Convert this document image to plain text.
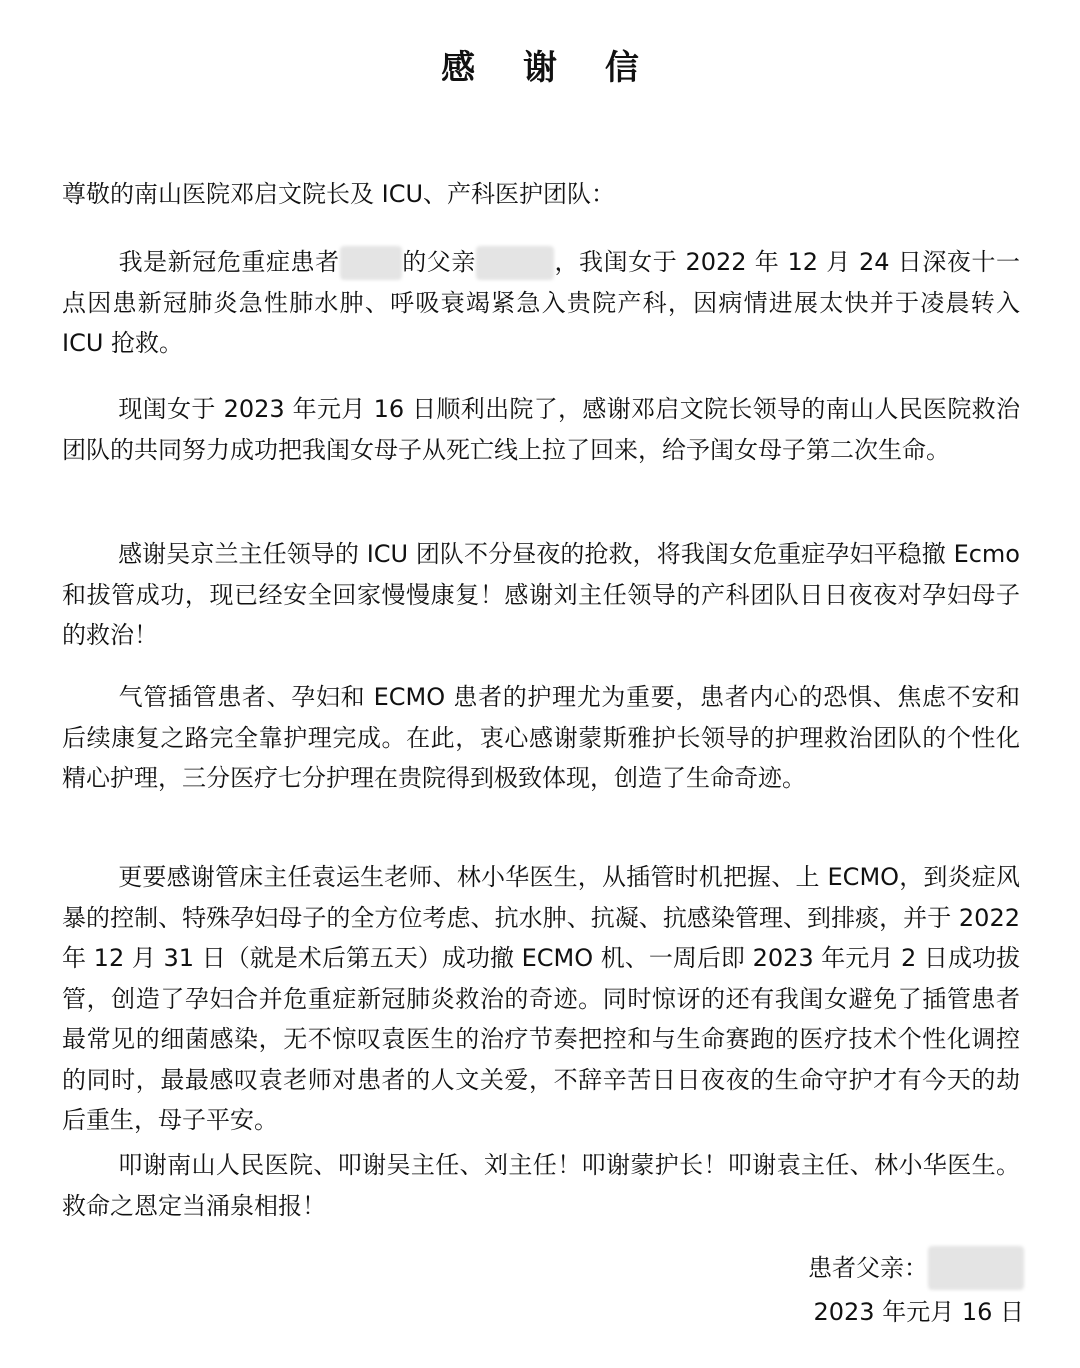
感 谢 信
尊敬的南山医院邓启文院长及 ICU、产科医护团队：
我是新冠危重症患者	的父亲	，我闺女于 2022 年 12 月 24 日深夜十一点因患新冠肺炎急性肺水肿、呼吸衰竭紧急入贵院产科，因病情进展太快并于凌晨转入 ICU 抢救。
现闺女于 2023 年元月 16 日顺利出院了，感谢邓启文院长领导的南山人民医院救治团队的共同努力成功把我闺女母子从死亡线上拉了回来，给予闺女母子第二次生命。
感谢吴京兰主任领导的 ICU 团队不分昼夜的抢救，将我闺女危重症孕妇平稳撤 Ecmo 和拔管成功，现已经安全回家慢慢康复！感谢刘主任领导的产科团队日日夜夜对孕妇母子的救治！
气管插管患者、孕妇和 ECMO 患者的护理尤为重要，患者内心的恐惧、焦虑不安和后续康复之路完全靠护理完成。在此，衷心感谢蒙斯雅护长领导的护理救治团队的个性化精心护理，三分医疗七分护理在贵院得到极致体现，创造了生命奇迹。
更要感谢管床主任袁运生老师、林小华医生，从插管时机把握、上 ECMO，到炎症风暴的控制、特殊孕妇母子的全方位考虑、抗水肿、抗凝、抗感染管理、到排痰，并于 2022 年 12 月 31 日（就是术后第五天）成功撤 ECMO 机、一周后即 2023 年元月 2 日成功拔管，创造了孕妇合并危重症新冠肺炎救治的奇迹。同时惊讶的还有我闺女避免了插管患者最常见的细菌感染，无不惊叹袁医生的治疗节奏把控和与生命赛跑的医疗技术个性化调控的同时，最最感叹袁老师对患者的人文关爱，不辞辛苦日日夜夜的生命守护才有今天的劫后重生，母子平安。
叩谢南山人民医院、叩谢吴主任、刘主任！叩谢蒙护长！叩谢袁主任、林小华医生。救命之恩定当涌泉相报！
患者父亲：
2023 年元月 16 日
